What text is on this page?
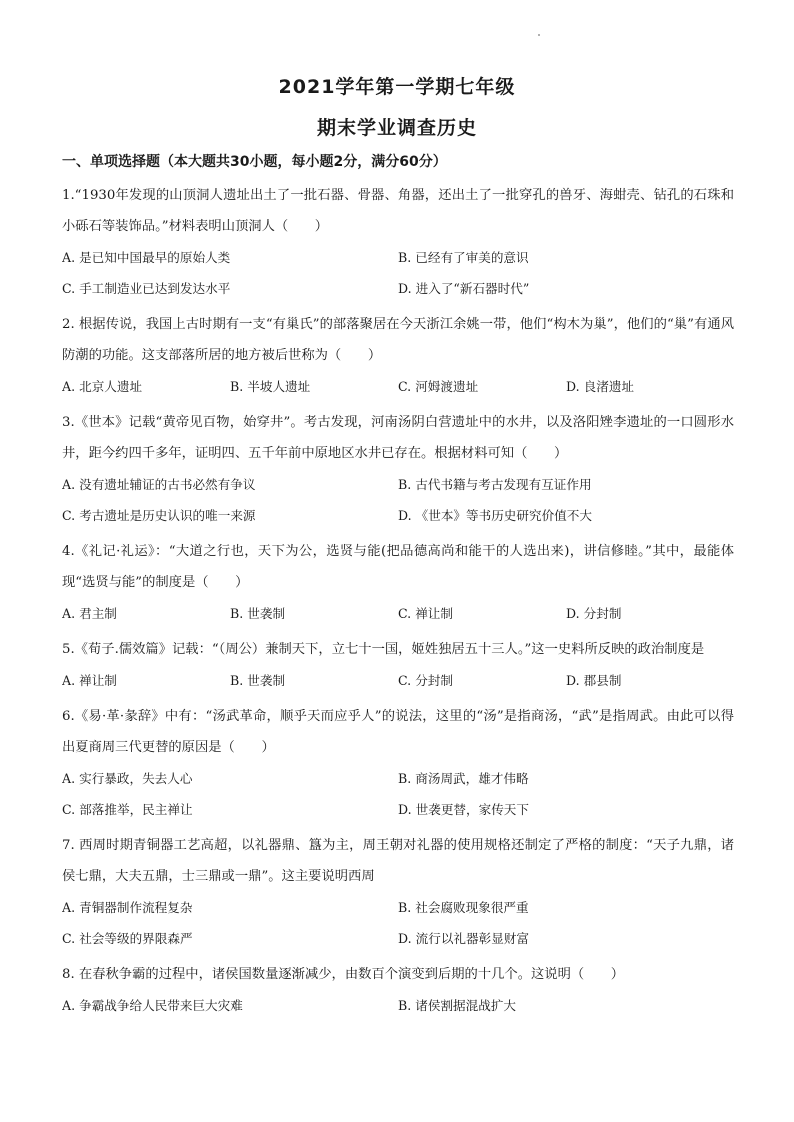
2021学年第一学期七年级
期末学业调查历史
一、单项选择题（本大题共30小题，每小题2分，满分60分）
1.“1930年发现的山顶洞人遗址出土了一批石器、骨器、角器，还出土了一批穿孔的兽牙、海蚶壳、钻孔的石珠和小砾石等装饰品。”材料表明山顶洞人（　　）
A. 是已知中国最早的原始人类	B. 已经有了审美的意识
C. 手工制造业已达到发达水平	D. 进入了“新石器时代”
2. 根据传说，我国上古时期有一支“有巢氏”的部落聚居在今天浙江余姚一带，他们“构木为巢”，他们的“巢”有通风防潮的功能。这支部落所居的地方被后世称为（　　）
A. 北京人遗址	B. 半坡人遗址	C. 河姆渡遗址	D. 良渚遗址
3.《世本》记载“黄帝见百物，始穿井”。考古发现，河南汤阴白营遗址中的水井，以及洛阳矬李遗址的一口圆形水井，距今约四千多年，证明四、五千年前中原地区水井已存在。根据材料可知（　　）
A. 没有遗址辅证的古书必然有争议	B. 古代书籍与考古发现有互证作用
C. 考古遗址是历史认识的唯一来源	D. 《世本》等书历史研究价值不大
4.《礼记·礼运》：“大道之行也，天下为公，选贤与能(把品德高尚和能干的人选出来)，讲信修睦。”其中，最能体现“选贤与能”的制度是（　　）
A. 君主制	B. 世袭制	C. 禅让制	D. 分封制
5.《荀子.儒效篇》记载：“（周公）兼制天下，立七十一国，姬姓独居五十三人。”这一史料所反映的政治制度是
A. 禅让制	B. 世袭制	C. 分封制	D. 郡县制
6.《易·革·彖辞》中有：“汤武革命，顺乎天而应乎人”的说法，这里的“汤”是指商汤，“武”是指周武。由此可以得出夏商周三代更替的原因是（　　）
A. 实行暴政，失去人心	B. 商汤周武，雄才伟略
C. 部落推举，民主禅让	D. 世袭更替，家传天下
7. 西周时期青铜器工艺高超，以礼器鼎、簋为主，周王朝对礼器的使用规格还制定了严格的制度：“天子九鼎，诸侯七鼎，大夫五鼎，士三鼎或一鼎”。这主要说明西周
A. 青铜器制作流程复杂	B. 社会腐败现象很严重
C. 社会等级的界限森严	D. 流行以礼器彰显财富
8. 在春秋争霸的过程中，诸侯国数量逐渐减少，由数百个演变到后期的十几个。这说明（　　）
A. 争霸战争给人民带来巨大灾难	B. 诸侯割据混战扩大
